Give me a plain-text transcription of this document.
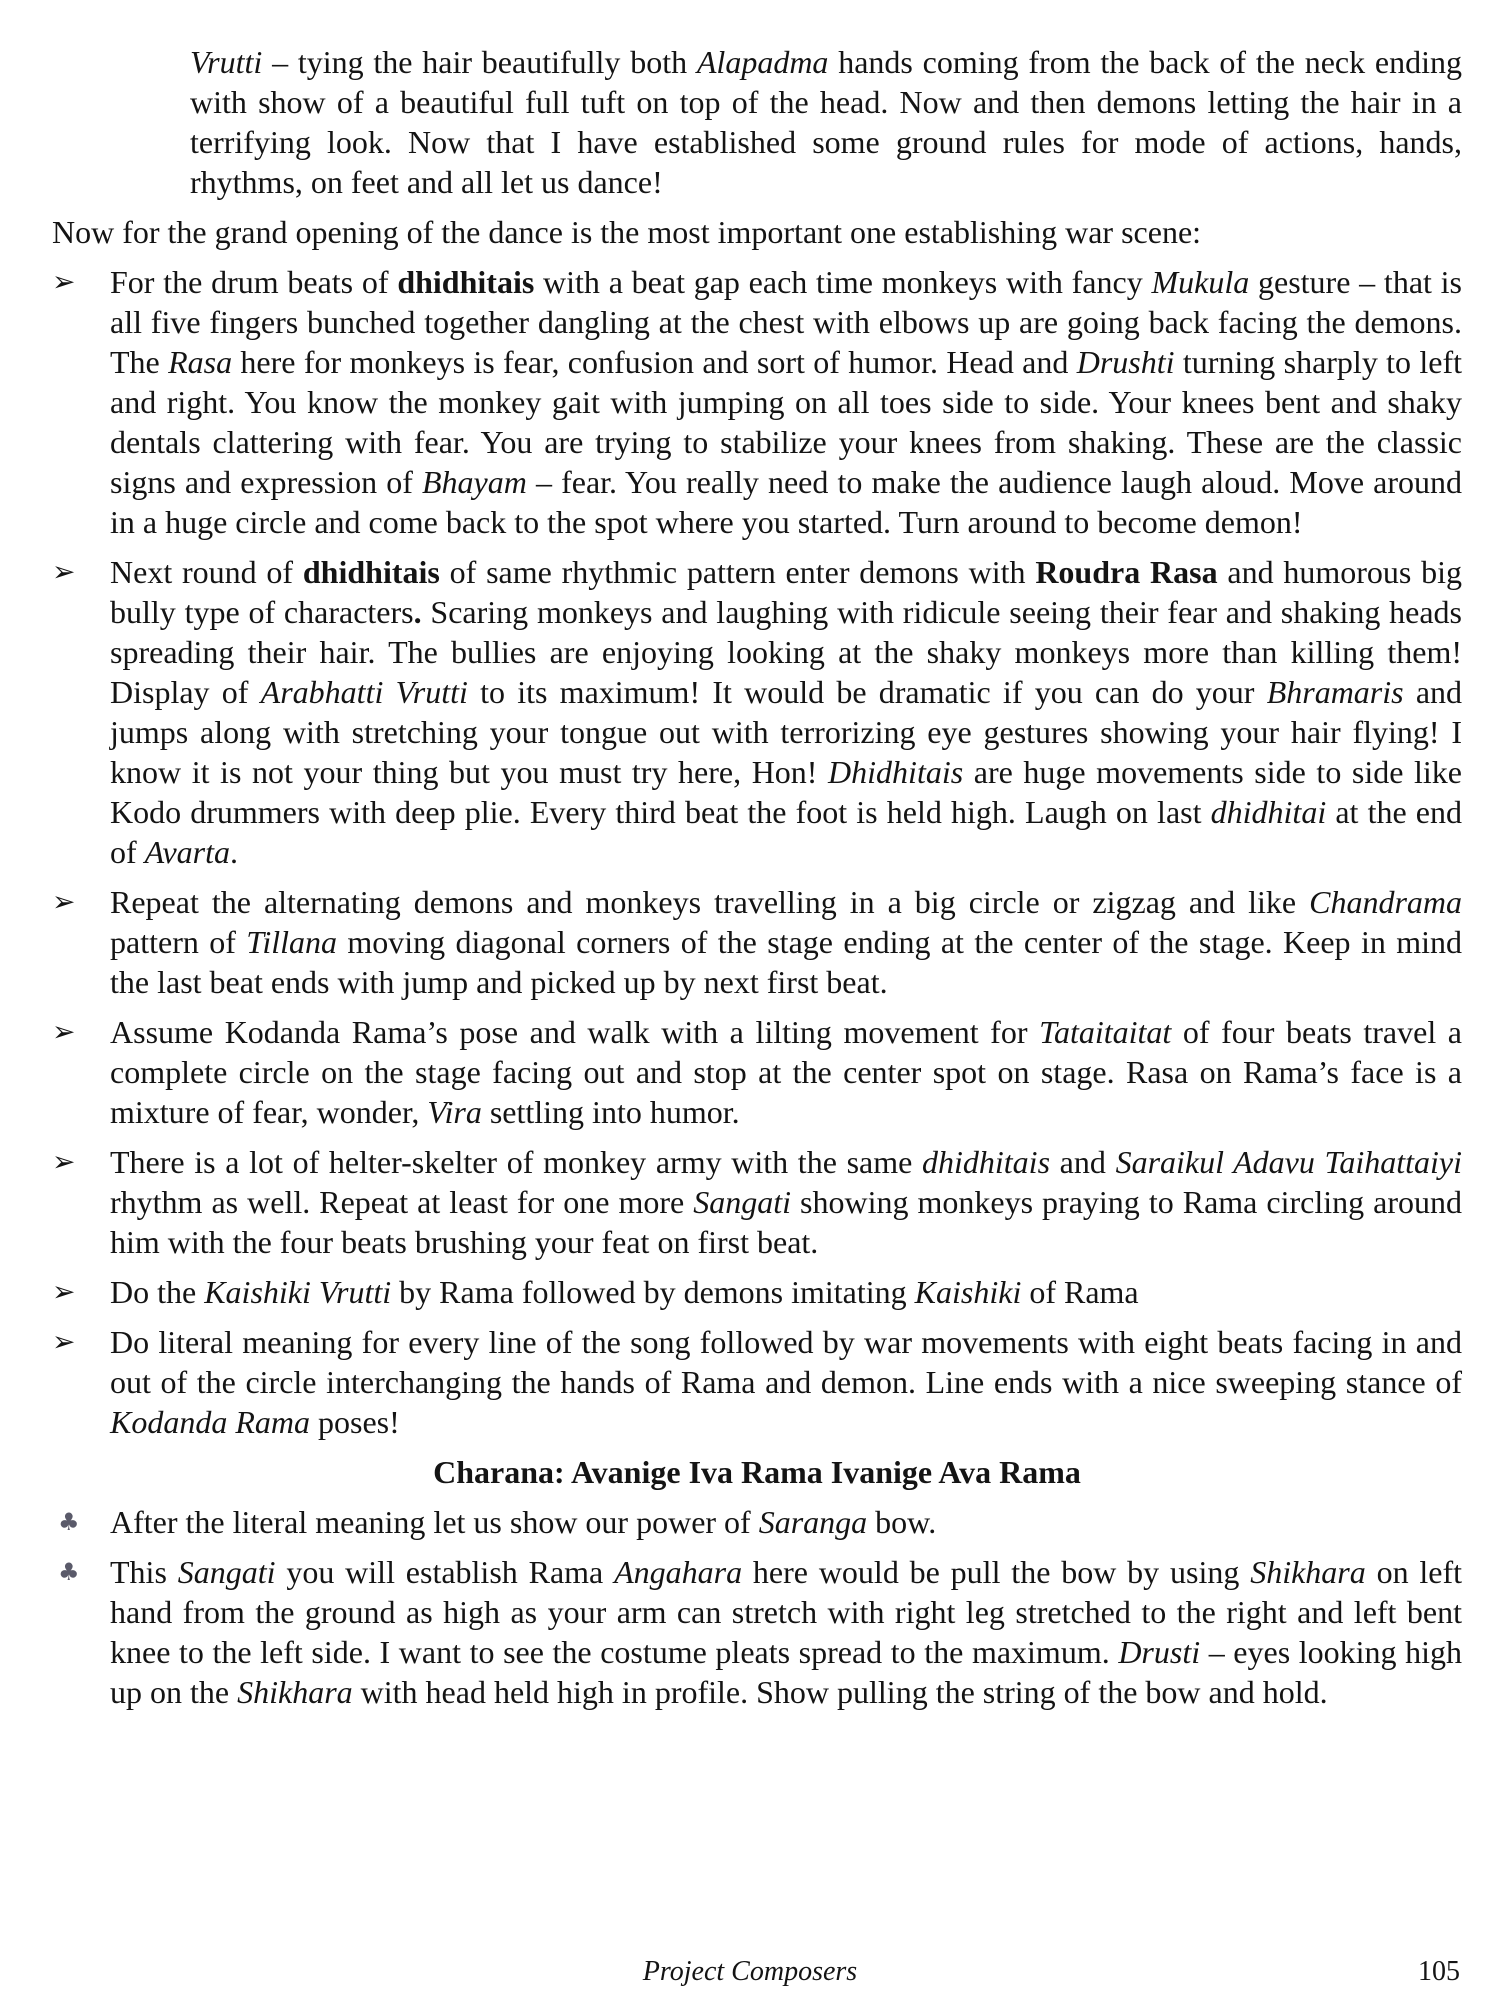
Vrutti – tying the hair beautifully both Alapadma hands coming from the back of the neck ending with show of a beautiful full tuft on top of the head. Now and then demons letting the hair in a terrifying look. Now that I have established some ground rules for mode of actions, hands, rhythms, on feet and all let us dance!

Now for the grand opening of the dance is the most important one establishing war scene:

➢	For the drum beats of dhidhitais with a beat gap each time monkeys with fancy Mukula gesture – that is all five fingers bunched together dangling at the chest with elbows up are going back facing the demons. The Rasa here for monkeys is fear, confusion and sort of humor. Head and Drushti turning sharply to left and right. You know the monkey gait with jumping on all toes side to side. Your knees bent and shaky dentals clattering with fear. You are trying to stabilize your knees from shaking. These are the classic signs and expression of Bhayam – fear. You really need to make the audience laugh aloud. Move around in a huge circle and come back to the spot where you started. Turn around to become demon!
➢	Next round of dhidhitais of same rhythmic pattern enter demons with Roudra Rasa and humorous big bully type of characters. Scaring monkeys and laughing with ridicule seeing their fear and shaking heads spreading their hair. The bullies are enjoying looking at the shaky monkeys more than killing them! Display of Arabhatti Vrutti to its maximum! It would be dramatic if you can do your Bhramaris and jumps along with stretching your tongue out with terrorizing eye gestures showing your hair flying! I know it is not your thing but you must try here, Hon! Dhidhitais are huge movements side to side like Kodo drummers with deep plie. Every third beat the foot is held high. Laugh on last dhidhitai at the end of Avarta.
➢	Repeat the alternating demons and monkeys travelling in a big circle or zigzag and like Chandrama pattern of Tillana moving diagonal corners of the stage ending at the center of the stage. Keep in mind the last beat ends with jump and picked up by next first beat.
➢	Assume Kodanda Rama’s pose and walk with a lilting movement for Tataitaitat of four beats travel a complete circle on the stage facing out and stop at the center spot on stage. Rasa on Rama’s face is a mixture of fear, wonder, Vira settling into humor.
➢	There is a lot of helter-skelter of monkey army with the same dhidhitais and Saraikul Adavu Taihattaiyi rhythm as well. Repeat at least for one more Sangati showing monkeys praying to Rama circling around him with the four beats brushing your feat on first beat.
➢	Do the Kaishiki Vrutti by Rama followed by demons imitating Kaishiki of Rama
➢	Do literal meaning for every line of the song followed by war movements with eight beats facing in and out of the circle interchanging the hands of Rama and demon. Line ends with a nice sweeping stance of Kodanda Rama poses!
Charana: Avanige Iva Rama Ivanige Ava Rama
♣ After the literal meaning let us show our power of Saranga bow.
♣ This Sangati you will establish Rama Angahara here would be pull the bow by using Shikhara on left hand from the ground as high as your arm can stretch with right leg stretched to the right and left bent knee to the left side. I want to see the costume pleats spread to the maximum. Drusti – eyes looking high up on the Shikhara with head held high in profile. Show pulling the string of the bow and hold.
Project Composers	105
